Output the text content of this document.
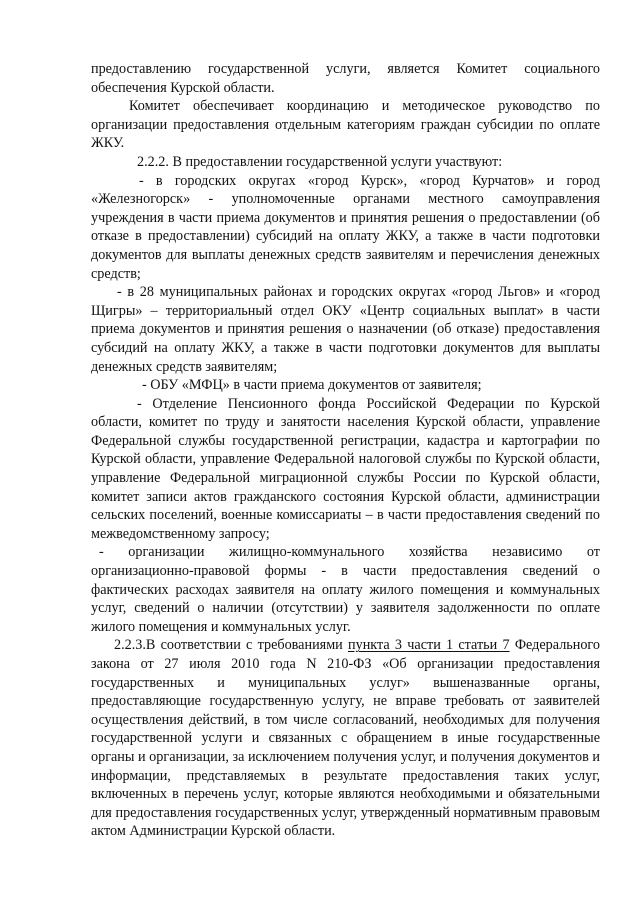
предоставлению государственной услуги, является Комитет социального обеспечения Курской области.

Комитет обеспечивает координацию и методическое руководство по организации предоставления отдельным категориям граждан субсидии по оплате ЖКУ.

2.2.2. В предоставлении государственной услуги участвуют:

- в городских округах «город Курск», «город Курчатов» и город «Железногорск» - уполномоченные органами местного самоуправления учреждения в части приема документов и принятия решения о предоставлении (об отказе в предоставлении) субсидий на оплату ЖКУ, а также в части подготовки документов для выплаты денежных средств заявителям и перечисления денежных средств;

- в 28 муниципальных районах и городских округах «город Льгов» и «город Щигры» – территориальный отдел ОКУ «Центр социальных выплат» в части приема документов и принятия решения о назначении (об отказе) предоставления субсидий на оплату ЖКУ, а также в части подготовки документов для выплаты денежных средств заявителям;

- ОБУ «МФЦ» в части приема документов от заявителя;

- Отделение Пенсионного фонда Российской Федерации по Курской области, комитет по труду и занятости населения Курской области, управление Федеральной службы государственной регистрации, кадастра и картографии по Курской области, управление Федеральной налоговой службы по Курской области, управление Федеральной миграционной службы России по Курской области, комитет записи актов гражданского состояния Курской области, администрации сельских поселений, военные комиссариаты – в части предоставления сведений по межведомственному запросу;

- организации жилищно-коммунального хозяйства независимо от организационно-правовой формы - в части предоставления сведений о фактических расходах заявителя на оплату жилого помещения и коммунальных услуг, сведений о наличии (отсутствии) у заявителя задолженности по оплате жилого помещения и коммунальных услуг.

2.2.3.В соответствии с требованиями пункта 3 части 1 статьи 7 Федерального закона от 27 июля 2010 года N 210-ФЗ «Об организации предоставления государственных и муниципальных услуг» вышеназванные органы, предоставляющие государственную услугу, не вправе требовать от заявителей осуществления действий, в том числе согласований, необходимых для получения государственной услуги и связанных с обращением в иные государственные органы и организации, за исключением получения услуг, и получения документов и информации, представляемых в результате предоставления таких услуг, включенных в перечень услуг, которые являются необходимыми и обязательными для предоставления государственных услуг, утвержденный нормативным правовым актом Администрации Курской области.
